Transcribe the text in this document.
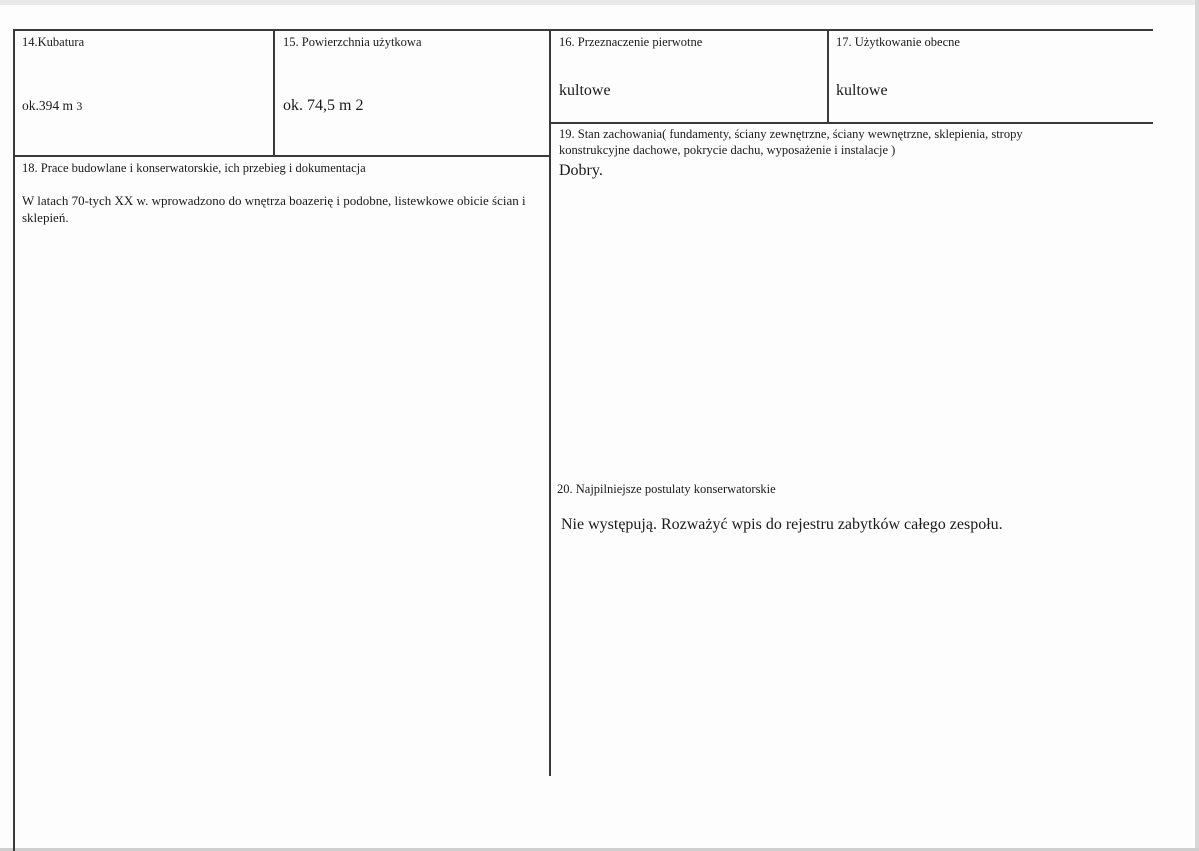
14.Kubatura
ok.394 m 3
15. Powierzchnia użytkowa
ok. 74,5 m 2
16. Przeznaczenie pierwotne
kultowe
17. Użytkowanie obecne
kultowe
19. Stan zachowania( fundamenty, ściany zewnętrzne, ściany wewnętrzne, sklepienia, stropy
konstrukcyjne dachowe, pokrycie dachu, wyposażenie i instalacje )
Dobry.
18. Prace budowlane i konserwatorskie, ich przebieg i dokumentacja
W latach 70-tych XX w. wprowadzono do wnętrza boazerię i podobne, listewkowe obicie ścian i sklepień.
20. Najpilniejsze postulaty konserwatorskie
Nie występują. Rozważyć wpis do rejestru zabytków całego zespołu.
